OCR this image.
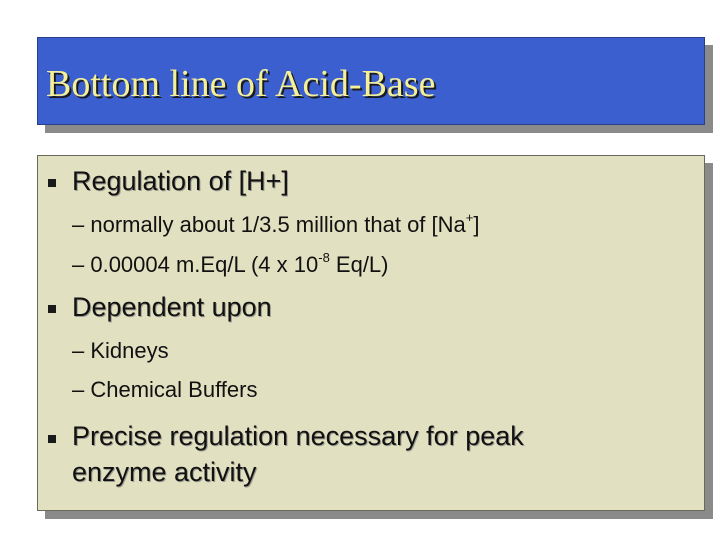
Bottom line of Acid-Base
Regulation of [H+]
– normally about 1/3.5 million that of [Na+]
– 0.00004 m.Eq/L (4 x $10^{-8}$ Eq/L)
Dependent upon
– Kidneys
– Chemical Buffers
Precise regulation necessary for peak
enzyme activity
